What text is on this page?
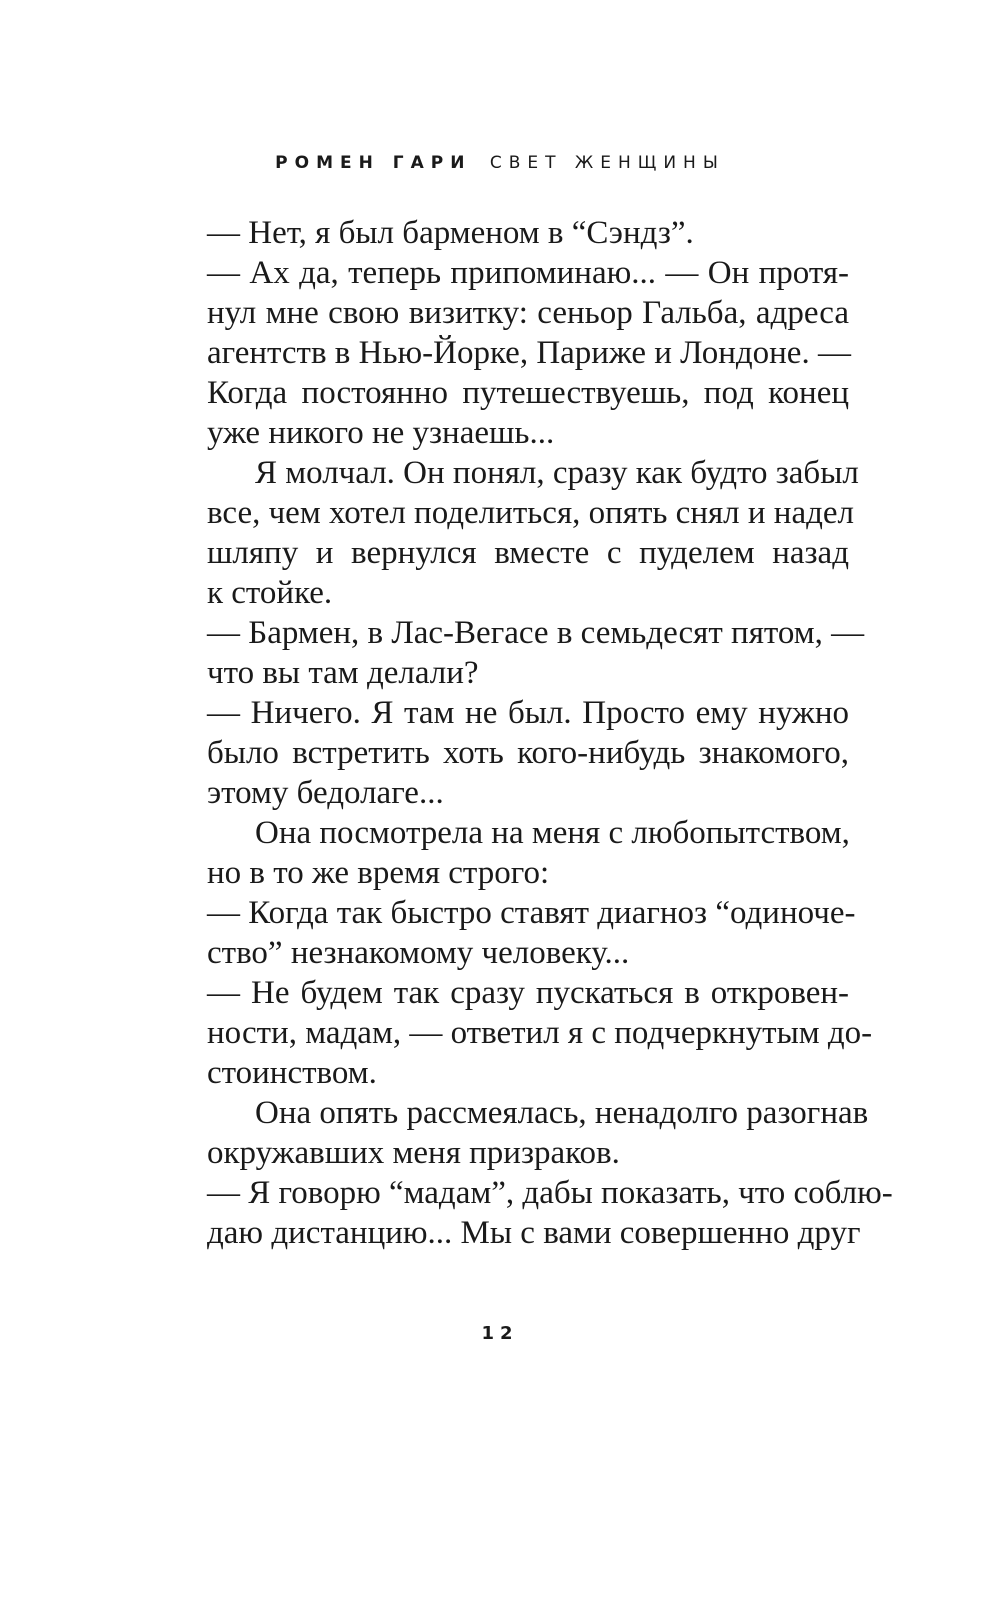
РОМЕН ГАРИ СВЕТ ЖЕНЩИНЫ
— Нет, я был барменом в “Сэндз”.
— Ах да, теперь припоминаю... — Он протя-
нул мне свою визитку: сеньор Гальба, адреса
агентств в Нью-Йорке, Париже и Лондоне. —
Когда постоянно путешествуешь, под конец
уже никого не узнаешь...
Я молчал. Он понял, сразу как будто забыл
все, чем хотел поделиться, опять снял и надел
шляпу и вернулся вместе с пуделем назад
к стойке.
— Бармен, в Лас-Вегасе в семьдесят пятом, —
что вы там делали?
— Ничего. Я там не был. Просто ему нужно
было встретить хоть кого-нибудь знакомого,
этому бедолаге...
Она посмотрела на меня с любопытством,
но в то же время строго:
— Когда так быстро ставят диагноз “одиноче-
ство” незнакомому человеку...
— Не будем так сразу пускаться в откровен-
ности, мадам, — ответил я с подчеркнутым до-
стоинством.
Она опять рассмеялась, ненадолго разогнав
окружавших меня призраков.
— Я говорю “мадам”, дабы показать, что соблю-
даю дистанцию... Мы с вами совершенно друг
12
